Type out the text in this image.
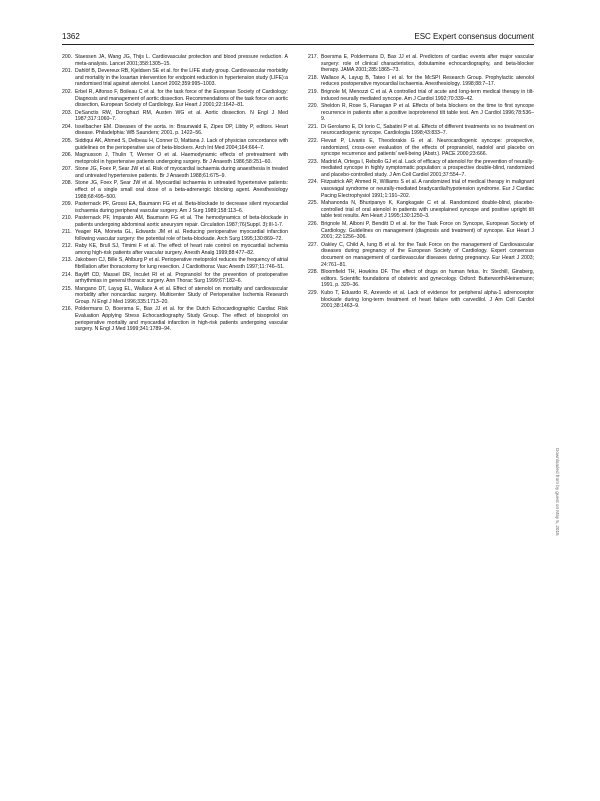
1362	ESC Expert consensus document
200. Staessen JA, Wang JG, Thijs L. Cardiovascular protection and blood pressure reduction. A meta-analysis. Lancet 2001;358:1305–15.
201. Dahlöf B, Devereux RB, Kjeldsen SE et al. for the LIFE study group. Cardiovascular morbidity and mortality in the losartan intervention for endpoint reduction in hypertension study (LIFE):a randomised trial against atenolol. Lancet 2002;359:995–1003.
202. Erbel R, Alfonso F, Boileau C et al. for the task force of the European Society of Cardiology: Diagnosis and management of aortic dissection. Recommendations of the task force on aortic dissection, European Society of Cardiology. Eur Heart J 2001;22:1642–81.
203. DeSanctis RW, Doroghazi RM, Austen WG et al. Aortic dissection. N Engl J Med 1987;317:1060–7.
204. Isselbacher EM. Diseases of the aorta. in: Braunwald E, Zipes DP, Libby P, editors. Heart disease. Philadelphia: WB Saunders; 2001. p. 1422–56.
205. Siddiqui AK, Ahmed S, Delbeau H, Conner D, Mattana J. Lack of physician concordance with guidelines on the perioperative use of beta-blockers. Arch Int Med 2004;164:664–7.
206. Magnusson J, Thulin T, Werner O et al. Haemodynamic effects of pretreatment with metoprolol in hypertensive patients undergoing surgery. Br J Anaesth 1986;58:251–60.
207. Stone JG, Foex P, Sear JW et al. Risk of myocardial ischaemia during anaesthesia in treated and untreated hypertensive patients. Br J Anaesth 1988;61:675–9.
208. Stone JG, Foex P, Sear JW et al. Myocardial ischaemia in untreated hypertensive patients: effect of a single small oral dose of a beta-adrenergic blocking agent. Anesthesiology 1988;68:495–500.
209. Pasternack PF, Grossi EA, Baumann FG et al. Beta-blockade to decrease silent myocardial ischaemia during peripheral vascular surgery. Am J Surg 1989;158:113–6.
210. Pasternack PF, Imparato AM, Baumann FG et al. The hemodynamics of beta-blockade in patients undergoing abdominal aortic aneurysm repair. Circulation 1987;76(Suppl. 3):III-1-7.
211. Yeager RA, Moneta GL, Edwards JM et al. Reducing perioperative myocardial infarction following vascular surgery: the potential role of beta-blockade. Arch Surg 1995;130:869–72.
212. Raby KE, Brull SJ, Timimi F et al. The effect of heart rate control on myocardial ischemia among high-risk patients after vascular surgery. Anesth Analg 1999;88:477–82.
213. Jakobsen CJ, Bille S, Ahlburg P et al. Perioperative metoprolol reduces the frequency of atrial fibrillation after thoracotomy for lung resection. J Cardiothorac Vasc Anesth 1997;11:746–51.
214. Bayliff CD, Massel DR, Inculet RI et al. Propranolol for the prevention of postoperative arrhythmias in general thoracic surgery. Ann Thorac Surg 1999;67:182–6.
215. Mangano DT, Layug EL, Wallace A et al. Effect of atenolol on mortality and cardiovascular morbidity after noncardiac surgery. Multicenter Study of Perioperative Ischemia Research Group. N Engl J Med 1996;335:1713–20.
216. Poldermans D, Boersma E, Bax JJ et al. for the Dutch Echocardiographic Cardiac Risk Evaluation Applying Stress Echocardiography Study Group. The effect of bisoprolol on perioperative mortality and myocardial infarction in high-risk patients undergoing vascular surgery. N Engl J Med 1999;341:1789–94.
217. Boersma E, Poldermans D, Bax JJ et al. Predictors of cardiac events after major vascular surgery: role of clinical characteristics, dobutamine echocardiography, and beta-blocker therapy. JAMA 2001;285:1865–73.
218. Wallace A, Layug B, Tateo I et al. for the McSPI Research Group. Prophylactic atenolol reduces postoperative myocardial ischaemia. Anesthesiology. 1998;88:7–17.
219. Brignole M, Menozzi C et al. A controlled trial of acute and long-term medical therapy in tilt-induced neurally mediated syncope. Am J Cardiol 1992;70:339–42.
220. Sheldon R, Rose S, Flanagan P et al. Effects of beta blockers on the time to first syncope recurrence in patients after a positive isoproterenol tilt table test. Am J Cardiol 1996;78:536–9.
221. Di Gerolamo E, Di Iorio C, Sabatini P et al. Effects of different treatments vs no treatment on neurocardiogenic syncope. Cardiologia 1998;43:833–7.
222. Flevari P, Livanis E, Theodorakis G et al. Neurocardiogenic syncope: prospective, randomized, cross-over evaluation of the effects of propranolol, nadolol and placebo on syncope recurrence and patients' well-being (Abstr.). PACE 2000;23:666.
223. Madrid A, Ortega I, Rebollo GJ et al. Lack of efficacy of atenolol for the prevention of neurally-mediated syncope in highly symptomatic population: a prospective double-blind, randomized and placebo-controlled study. J Am Coll Cardiol 2001;37:554–7.
224. Fitzpatrick AP, Ahmed R, Williams S et al. A randomized trial of medical therapy in malignant vasovagal syndrome or neurally-mediated bradycardia/hypotension syndrome. Eur J Cardiac Pacing Electrophysiol 1991;1:191–202.
225. Mahanonda N, Bhuripanyo K, Kangkagate C et al. Randomized double-blind, placebo-controlled trial of oral atenolol in patients with unexplained syncope and positive upright tilt table test results. Am Heart J 1995;130:1250–3.
226. Brignole M, Alboni P, Benditt D et al. for the Task Force on Syncope, European Society of Cardiology. Guidelines on management (diagnosis and treatment) of syncope. Eur Heart J 2001; 22:1256–306.
227. Oakley C, Child A, Iung B et al. for the Task Force on the management of Cardiovascular diseases during pregnancy of the European Society of Cardiology. Expert consensus document on management of cardiovascular diseases during pregnancy. Eur Heart J 2003; 24:761–81.
228. Bloomfield TH, Howkins DF. The effect of drugs on human fetus. In: Stechill, Ginsberg, editors. Scientific foundations of obstetric and gynecology. Oxford: Butterworth/Heinemann; 1991. p. 320–36.
229. Kubo T, Eduardo R, Azevedo et al. Lack of evidence for peripheral alpha-1 adrenoceptor blockade during long-term treatment of heart failure with carvedilol. J Am Coll Cardiol 2001;38:1463–9.
Downloaded from by guest on May 5, 2015
